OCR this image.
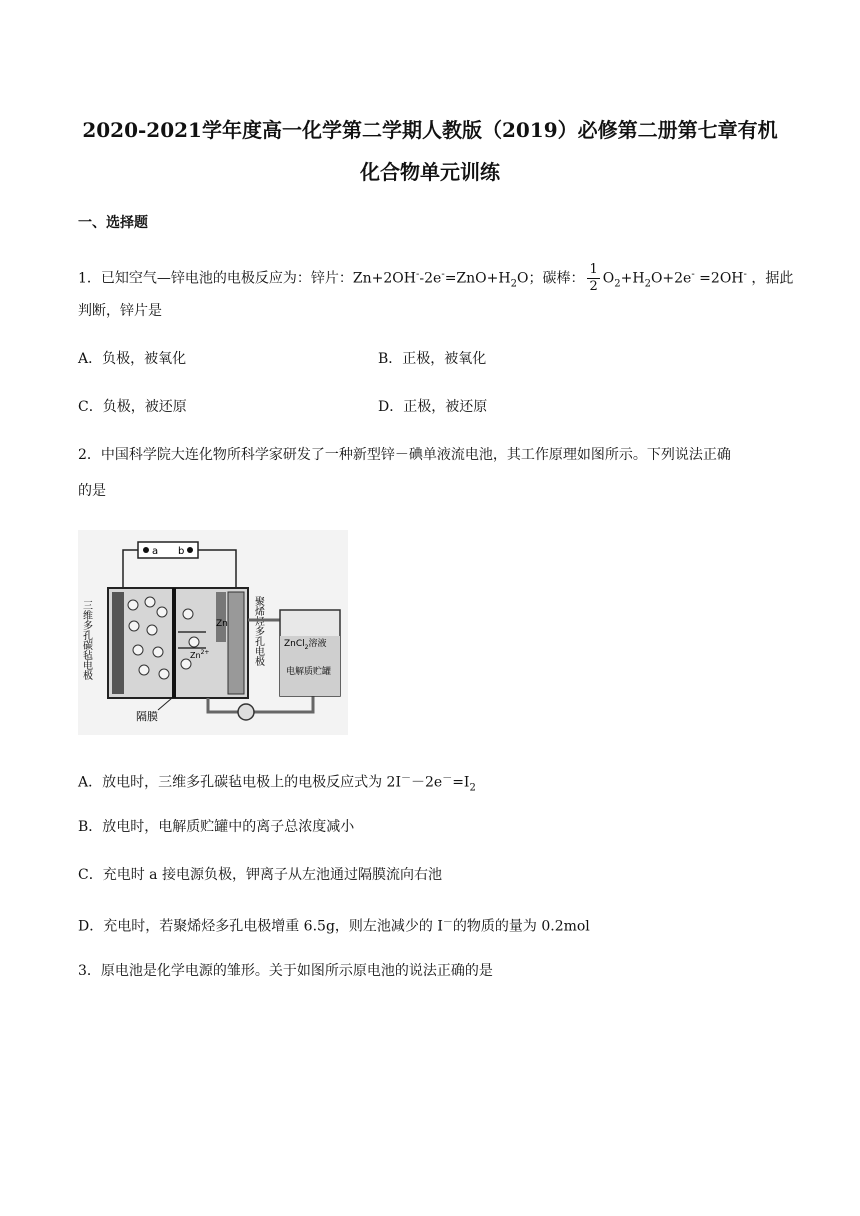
2020-2021学年度高一化学第二学期人教版（2019）必修第二册第七章有机
化合物单元训练
一、选择题
1．已知空气—锌电池的电极反应为：锌片：$Zn+2OH^--2e^-=ZnO+H_2O$；碳棒： $\frac{1}{2} O_2+H_2O+2e^- =2OH^-$ ，据此
判断，锌片是
A．负极，被氧化	B．正极，被氧化
C．负极，被还原	D．正极，被还原
2．中国科学院大连化物所科学家研发了一种新型锌－碘单液流电池，其工作原理如图所示。下列说法正确
的是
a b
Zn
$Zn^{2+}$
三维多孔碳毡电极	聚烯烃多孔电极
隔膜
ZnCl$_2$溶液
电解质贮罐
A．放电时，三维多孔碳毡电极上的电极反应式为 $2I^--2e^-=I_2$
B．放电时，电解质贮罐中的离子总浓度减小
C．充电时 a 接电源负极，钾离子从左池通过隔膜流向右池
D．充电时，若聚烯烃多孔电极增重 6.5g，则左池减少的 I－的物质的量为 0.2mol
3．原电池是化学电源的雏形。关于如图所示原电池的说法正确的是
